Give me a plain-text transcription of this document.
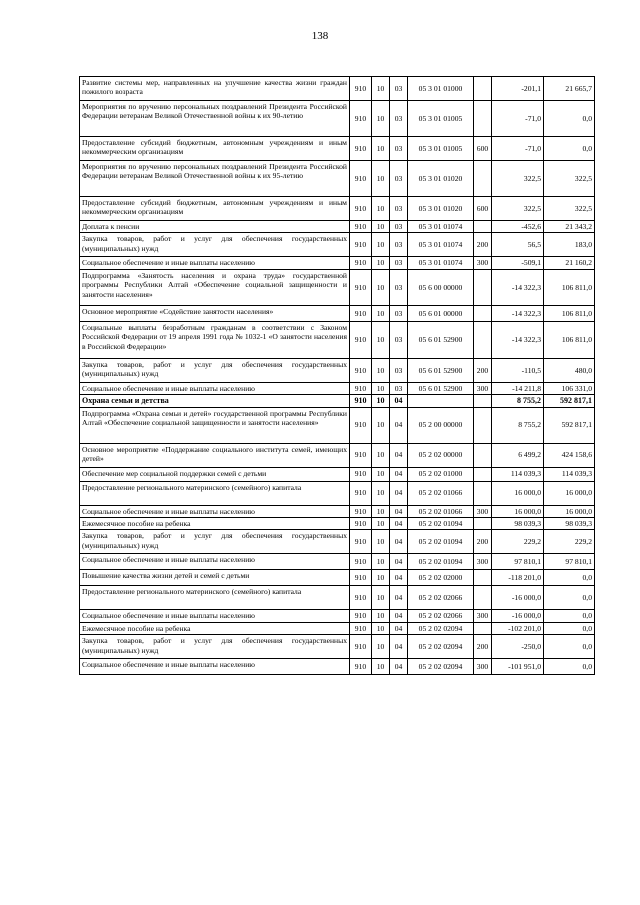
138
Развитие системы мер, направленных на улучшение качества жизни граждан пожилого возраста	910	10	03	05 3 01 01000		-201,1	21 665,7
Мероприятия по вручению персональных поздравлений Президента Российской Федерации ветеранам Великой Отечественной войны к их 90-летию	910	10	03	05 3 01 01005		-71,0	0,0
Предоставление субсидий бюджетным, автономным учреждениям и иным некоммерческим организациям	910	10	03	05 3 01 01005	600	-71,0	0,0
Мероприятия по вручению персональных поздравлений Президента Российской Федерации ветеранам Великой Отечественной войны к их 95-летию	910	10	03	05 3 01 01020		322,5	322,5
Предоставление субсидий бюджетным, автономным учреждениям и иным некоммерческим организациям	910	10	03	05 3 01 01020	600	322,5	322,5
Доплата к пенсии	910	10	03	05 3 01 01074		-452,6	21 343,2
Закупка товаров, работ и услуг для обеспечения государственных (муниципальных) нужд	910	10	03	05 3 01 01074	200	56,5	183,0
Социальное обеспечение и иные выплаты населению	910	10	03	05 3 01 01074	300	-509,1	21 160,2
Подпрограмма «Занятость населения и охрана труда» государственной программы Республики Алтай «Обеспечение социальной защищенности и занятости населения»	910	10	03	05 6 00 00000		-14 322,3	106 811,0
Основное мероприятие «Содействие занятости населения»	910	10	03	05 6 01 00000		-14 322,3	106 811,0
Социальные выплаты безработным гражданам в соответствии с Законом Российской Федерации от 19 апреля 1991 года № 1032-1 «О занятости населения в Российской Федерации»	910	10	03	05 6 01 52900		-14 322,3	106 811,0
Закупка товаров, работ и услуг для обеспечения государственных (муниципальных) нужд	910	10	03	05 6 01 52900	200	-110,5	480,0
Социальное обеспечение и иные выплаты населению	910	10	03	05 6 01 52900	300	-14 211,8	106 331,0
Охрана семьи и детства	910	10	04			8 755,2	592 817,1
Подпрограмма «Охрана семьи и детей» государственной программы Республики Алтай «Обеспечение социальной защищенности и занятости населения»	910	10	04	05 2 00 00000		8 755,2	592 817,1
Основное мероприятие «Поддержание социального института семей, имеющих детей»	910	10	04	05 2 02 00000		6 499,2	424 158,6
Обеспечение мер социальной поддержки семей с детьми	910	10	04	05 2 02 01000		114 039,3	114 039,3
Предоставление регионального материнского (семейного) капитала	910	10	04	05 2 02 01066		16 000,0	16 000,0
Социальное обеспечение и иные выплаты населению	910	10	04	05 2 02 01066	300	16 000,0	16 000,0
Ежемесячное пособие на ребенка	910	10	04	05 2 02 01094		98 039,3	98 039,3
Закупка товаров, работ и услуг для обеспечения государственных (муниципальных) нужд	910	10	04	05 2 02 01094	200	229,2	229,2
Социальное обеспечение и иные выплаты населению	910	10	04	05 2 02 01094	300	97 810,1	97 810,1
Повышение качества жизни детей и семей с детьми	910	10	04	05 2 02 02000		-118 201,0	0,0
Предоставление регионального материнского (семейного) капитала	910	10	04	05 2 02 02066		-16 000,0	0,0
Социальное обеспечение и иные выплаты населению	910	10	04	05 2 02 02066	300	-16 000,0	0,0
Ежемесячное пособие на ребенка	910	10	04	05 2 02 02094		-102 201,0	0,0
Закупка товаров, работ и услуг для обеспечения государственных (муниципальных) нужд	910	10	04	05 2 02 02094	200	-250,0	0,0
Социальное обеспечение и иные выплаты населению	910	10	04	05 2 02 02094	300	-101 951,0	0,0
